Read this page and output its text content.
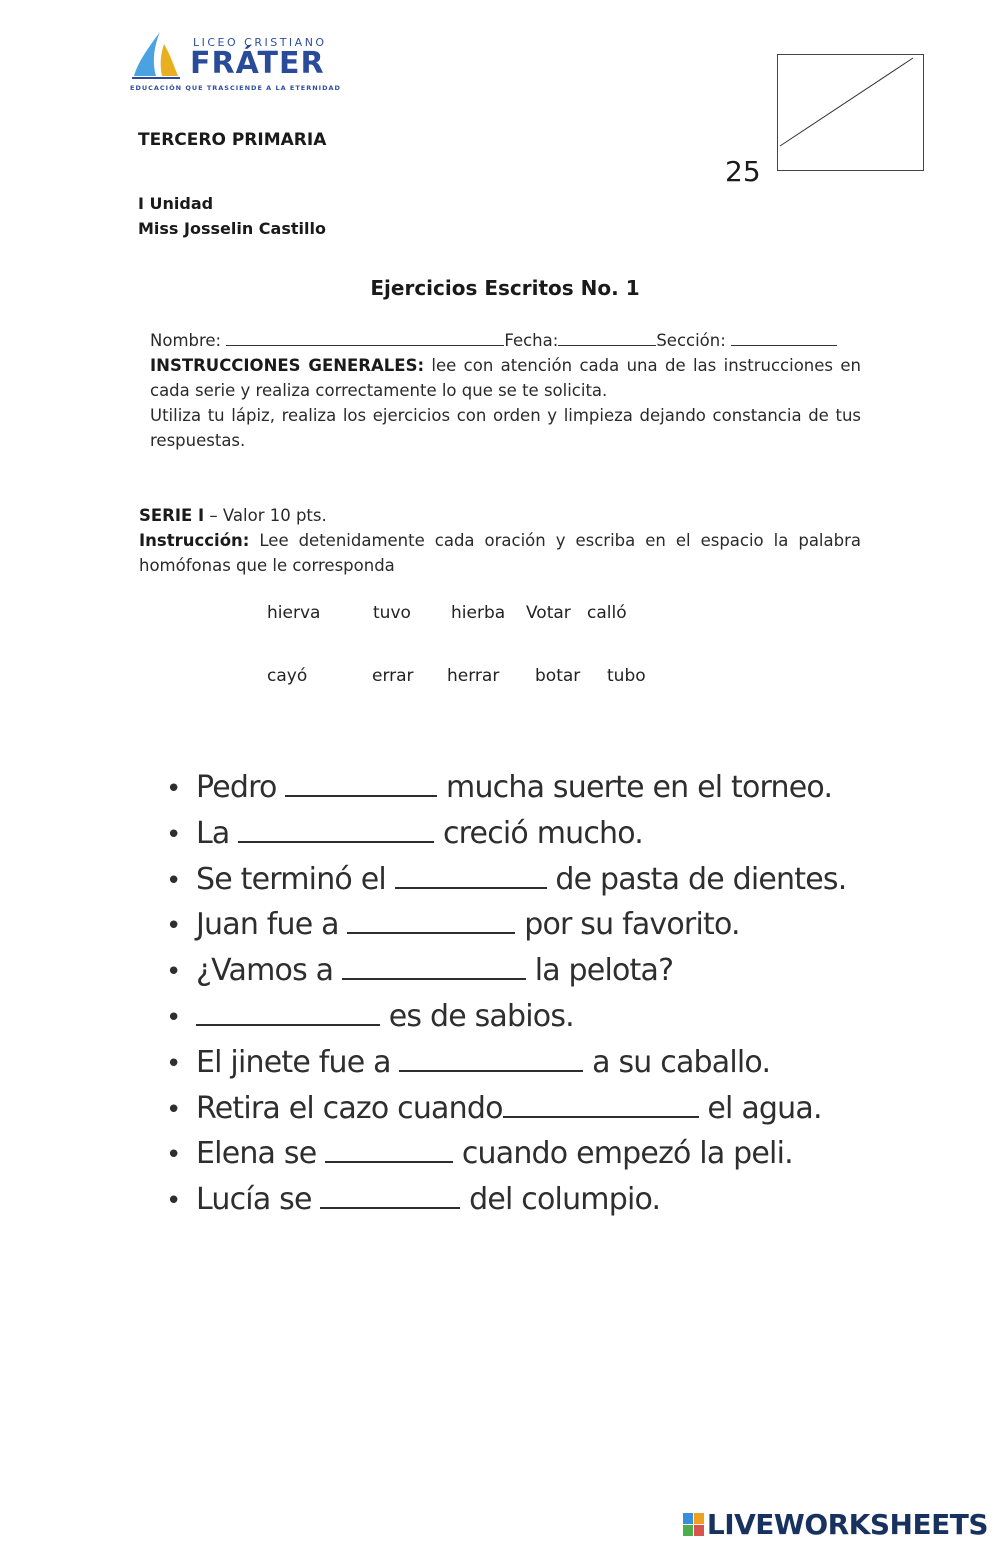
LICEO CRISTIANO
FRÁTER
EDUCACIÓN QUE TRASCIENDE A LA ETERNIDAD
TERCERO PRIMARIA
I Unidad
Miss Josselin Castillo
25
Ejercicios Escritos No. 1
Nombre:	Fecha:	Sección:
INSTRUCCIONES GENERALES: lee con atención cada una de las instrucciones en cada serie y realiza correctamente lo que se te solicita.
Utiliza tu lápiz, realiza los ejercicios con orden y limpieza dejando constancia de tus respuestas.
SERIE I – Valor 10 pts.
Instrucción: Lee detenidamente cada oración y escriba en el espacio la palabra homófonas que le corresponda
hierva	tuvo hierba Votar calló
cayó	errar herrar botar tubo
• Pedro	mucha suerte en el torneo.
• La	creció mucho.
• Se terminó el	de pasta de dientes.
• Juan fue a	por su favorito.
• ¿Vamos a	la pelota?
•	es de sabios.
• El jinete fue a	a su caballo.
• Retira el cazo cuando	el agua.
• Elena se	cuando empezó la peli.
• Lucía se	del columpio.
LIVEWORKSHEETS
